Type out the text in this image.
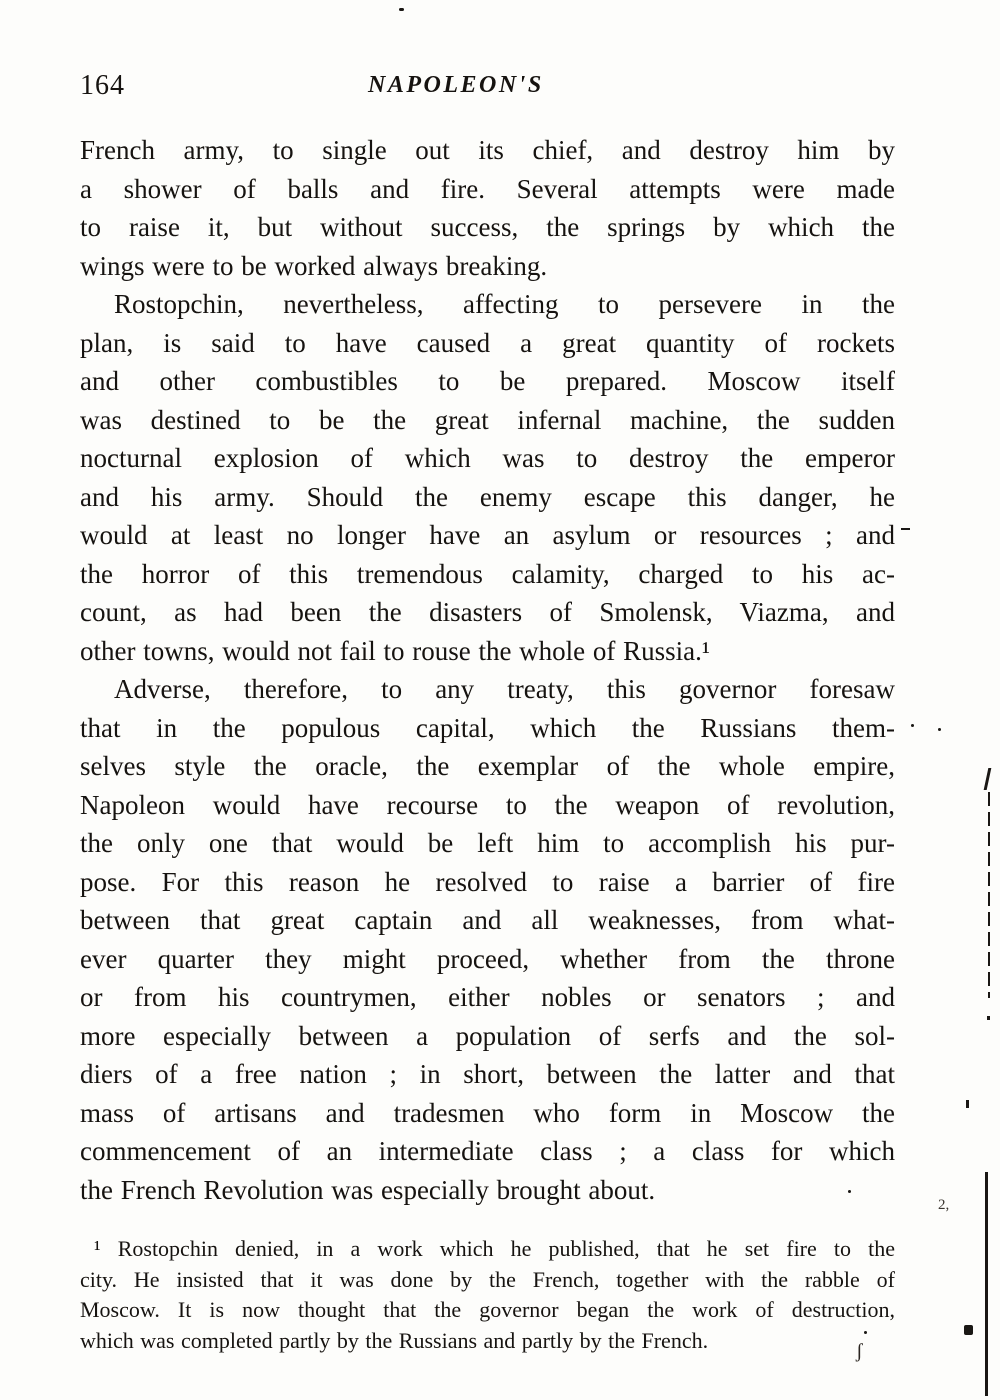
164	NAPOLEON'S
French army, to single out its chief, and destroy him by
a shower of balls and fire. Several attempts were made
to raise it, but without success, the springs by which the
wings were to be worked always breaking.
Rostopchin, nevertheless, affecting to persevere in the
plan, is said to have caused a great quantity of rockets
and other combustibles to be prepared. Moscow itself
was destined to be the great infernal machine, the sudden
nocturnal explosion of which was to destroy the emperor
and his army. Should the enemy escape this danger, he
would at least no longer have an asylum or resources ; and
the horror of this tremendous calamity, charged to his ac-
count, as had been the disasters of Smolensk, Viazma, and
other towns, would not fail to rouse the whole of Russia.¹
Adverse, therefore, to any treaty, this governor foresaw
that in the populous capital, which the Russians them-
selves style the oracle, the exemplar of the whole empire,
Napoleon would have recourse to the weapon of revolution,
the only one that would be left him to accomplish his pur-
pose. For this reason he resolved to raise a barrier of fire
between that great captain and all weaknesses, from what-
ever quarter they might proceed, whether from the throne
or from his countrymen, either nobles or senators ; and
more especially between a population of serfs and the sol-
diers of a free nation ; in short, between the latter and that
mass of artisans and tradesmen who form in Moscow the
commencement of an intermediate class ; a class for which
the French Revolution was especially brought about.
¹ Rostopchin denied, in a work which he published, that he set fire to the
city. He insisted that it was done by the French, together with the rabble of
Moscow. It is now thought that the governor began the work of destruction,
which was completed partly by the Russians and partly by the French.
2,
ʃ
